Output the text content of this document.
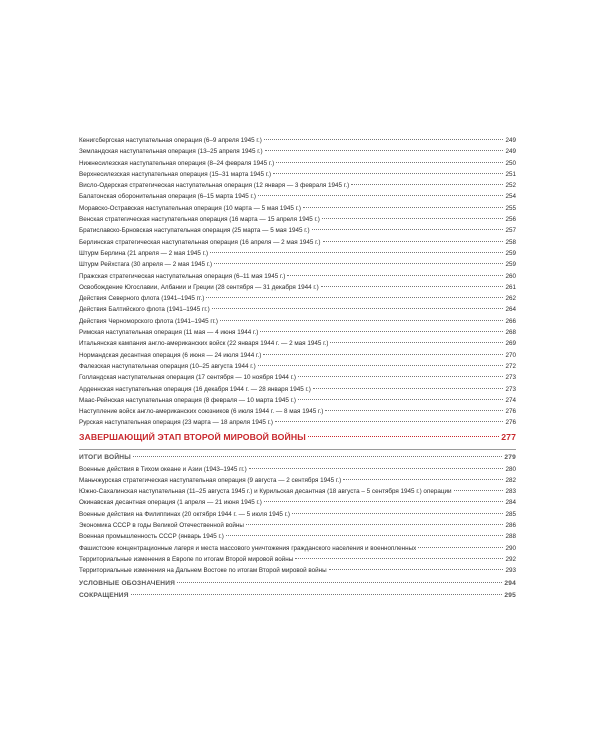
Кенигсбергская наступательная операция (6–9 апреля 1945 г.)	249
Земландская наступательная операция (13–25 апреля 1945 г.)	249
Нижнесилезская наступательная операция (8–24 февраля 1945 г.)	250
Верхнесилезская наступательная операция (15–31 марта 1945 г.)	251
Висло-Одерская стратегическая наступательная операция (12 января — 3 февраля 1945 г.)	252
Балатонская оборонительная операция (6–15 марта 1945 г.)	254
Моравско-Остравская наступательная операция (10 марта — 5 мая 1945 г.)	255
Венская стратегическая наступательная операция (16 марта — 15 апреля 1945 г.)	256
Братиславско-Брновская наступательная операция (25 марта — 5 мая 1945 г.)	257
Берлинская стратегическая наступательная операция (16 апреля — 2 мая 1945 г.)	258
Штурм Берлина (21 апреля — 2 мая 1945 г.)	259
Штурм Рейхстага (30 апреля — 2 мая 1945 г.)	259
Пражская стратегическая наступательная операция (6–11 мая 1945 г.)	260
Освобождение Югославии, Албании и Греции (28 сентября — 31 декабря 1944 г.)	261
Действия Северного флота (1941–1945 гг.)	262
Действия Балтийского флота (1941–1945 гг.)	264
Действия Черноморского флота (1941–1945 гг.)	266
Римская наступательная операция (11 мая — 4 июня 1944 г.)	268
Итальянская кампания англо-американских войск (22 января 1944 г. — 2 мая 1945 г.)	269
Нормандская десантная операция (6 июня — 24 июля 1944 г.)	270
Фалезская наступательная операция (10–25 августа 1944 г.)	272
Голландская наступательная операция (17 сентября — 10 ноября 1944 г.)	273
Арденнская наступательная операция (16 декабря 1944 г. — 28 января 1945 г.)	273
Маас-Рейнская наступательная операция (8 февраля — 10 марта 1945 г.)	274
Наступление войск англо-американских союзников (6 июля 1944 г. — 8 мая 1945 г.)	276
Рурская наступательная операция (23 марта — 18 апреля 1945 г.)	276
ЗАВЕРШАЮЩИЙ ЭТАП ВТОРОЙ МИРОВОЙ ВОЙНЫ	277
ИТОГИ ВОЙНЫ	279
Военные действия в Тихом океане и Азии (1943–1945 гг.)	280
Маньчжурская стратегическая наступательная операция (9 августа — 2 сентября 1945 г.)	282
Южно-Сахалинская наступательная (11–25 августа 1945 г.) и Курильская десантная (18 августа – 5 сентября 1945 г.) операции	283
Окинавская десантная операция (1 апреля — 21 июня 1945 г.)	284
Военные действия на Филиппинах (20 октября 1944 г. — 5 июля 1945 г.)	285
Экономика СССР в годы Великой Отечественной войны	286
Военная промышленность СССР (январь 1945 г.)	288
Фашистские концентрационные лагеря и места массового уничтожения гражданского населения и военнопленных	290
Территориальные изменения в Европе по итогам Второй мировой войны	292
Территориальные изменения на Дальнем Востоке по итогам Второй мировой войны	293
УСЛОВНЫЕ ОБОЗНАЧЕНИЯ	294
СОКРАЩЕНИЯ	295
